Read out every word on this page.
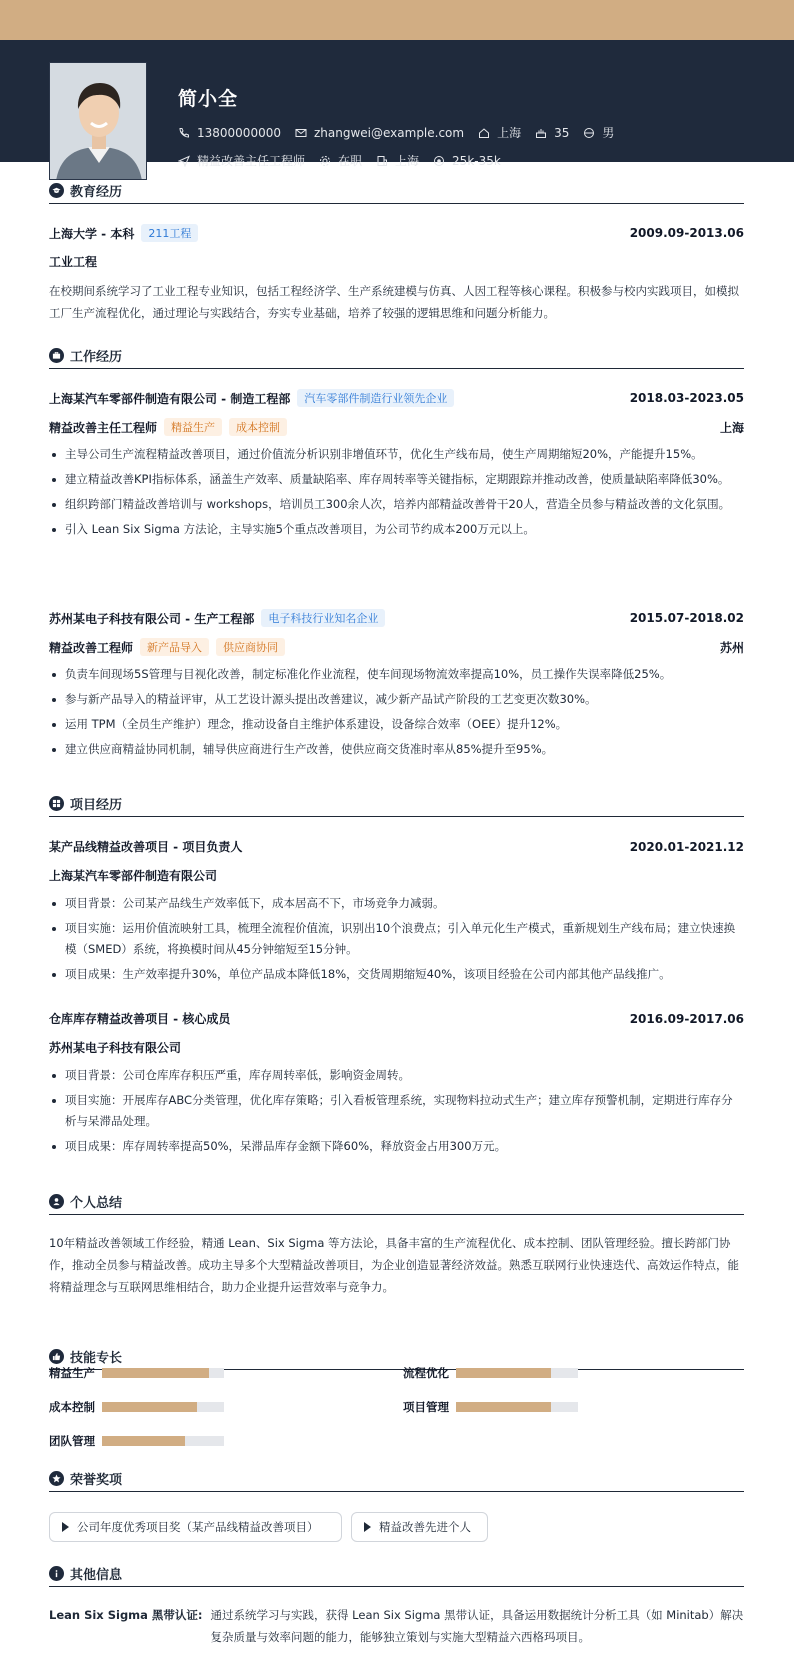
简小全
13800000000	zhangwei@example.com	上海	35	男
精益改善主任工程师	在职	上海	25k-35k
教育经历
上海大学 - 本科	211工程	2009.09-2013.06
工业工程
在校期间系统学习了工业工程专业知识，包括工程经济学、生产系统建模与仿真、人因工程等核心课程。积极参与校内实践项目，如模拟工厂生产流程优化，通过理论与实践结合，夯实专业基础，培养了较强的逻辑思维和问题分析能力。
工作经历
上海某汽车零部件制造有限公司 - 制造工程部	汽车零部件制造行业领先企业	2018.03-2023.05
精益改善主任工程师	精益生产	成本控制	上海
主导公司生产流程精益改善项目，通过价值流分析识别非增值环节，优化生产线布局，使生产周期缩短20%，产能提升15%。
建立精益改善KPI指标体系，涵盖生产效率、质量缺陷率、库存周转率等关键指标，定期跟踪并推动改善，使质量缺陷率降低30%。
组织跨部门精益改善培训与 workshops，培训员工300余人次，培养内部精益改善骨干20人，营造全员参与精益改善的文化氛围。
引入 Lean Six Sigma 方法论，主导实施5个重点改善项目，为公司节约成本200万元以上。
苏州某电子科技有限公司 - 生产工程部	电子科技行业知名企业	2015.07-2018.02
精益改善工程师	新产品导入	供应商协同	苏州
负责车间现场5S管理与目视化改善，制定标准化作业流程，使车间现场物流效率提高10%，员工操作失误率降低25%。
参与新产品导入的精益评审，从工艺设计源头提出改善建议，减少新产品试产阶段的工艺变更次数30%。
运用 TPM（全员生产维护）理念，推动设备自主维护体系建设，设备综合效率（OEE）提升12%。
建立供应商精益协同机制，辅导供应商进行生产改善，使供应商交货准时率从85%提升至95%。
项目经历
某产品线精益改善项目 - 项目负责人	2020.01-2021.12
上海某汽车零部件制造有限公司
项目背景：公司某产品线生产效率低下，成本居高不下，市场竞争力减弱。
项目实施：运用价值流映射工具，梳理全流程价值流，识别出10个浪费点；引入单元化生产模式，重新规划生产线布局；建立快速换模（SMED）系统，将换模时间从45分钟缩短至15分钟。
项目成果：生产效率提升30%，单位产品成本降低18%，交货周期缩短40%，该项目经验在公司内部其他产品线推广。
仓库库存精益改善项目 - 核心成员	2016.09-2017.06
苏州某电子科技有限公司
项目背景：公司仓库库存积压严重，库存周转率低，影响资金周转。
项目实施：开展库存ABC分类管理，优化库存策略；引入看板管理系统，实现物料拉动式生产；建立库存预警机制，定期进行库存分析与呆滞品处理。
项目成果：库存周转率提高50%，呆滞品库存金额下降60%，释放资金占用300万元。
个人总结
10年精益改善领域工作经验，精通 Lean、Six Sigma 等方法论，具备丰富的生产流程优化、成本控制、团队管理经验。擅长跨部门协作，推动全员参与精益改善。成功主导多个大型精益改善项目，为企业创造显著经济效益。熟悉互联网行业快速迭代、高效运作特点，能将精益理念与互联网思维相结合，助力企业提升运营效率与竞争力。
技能专长
精益生产	流程优化
成本控制	项目管理
团队管理
荣誉奖项
公司年度优秀项目奖（某产品线精益改善项目）	精益改善先进个人
其他信息
Lean Six Sigma 黑带认证: 通过系统学习与实践，获得 Lean Six Sigma 黑带认证，具备运用数据统计分析工具（如 Minitab）解决复杂质量与效率问题的能力，能够独立策划与实施大型精益六西格玛项目。
